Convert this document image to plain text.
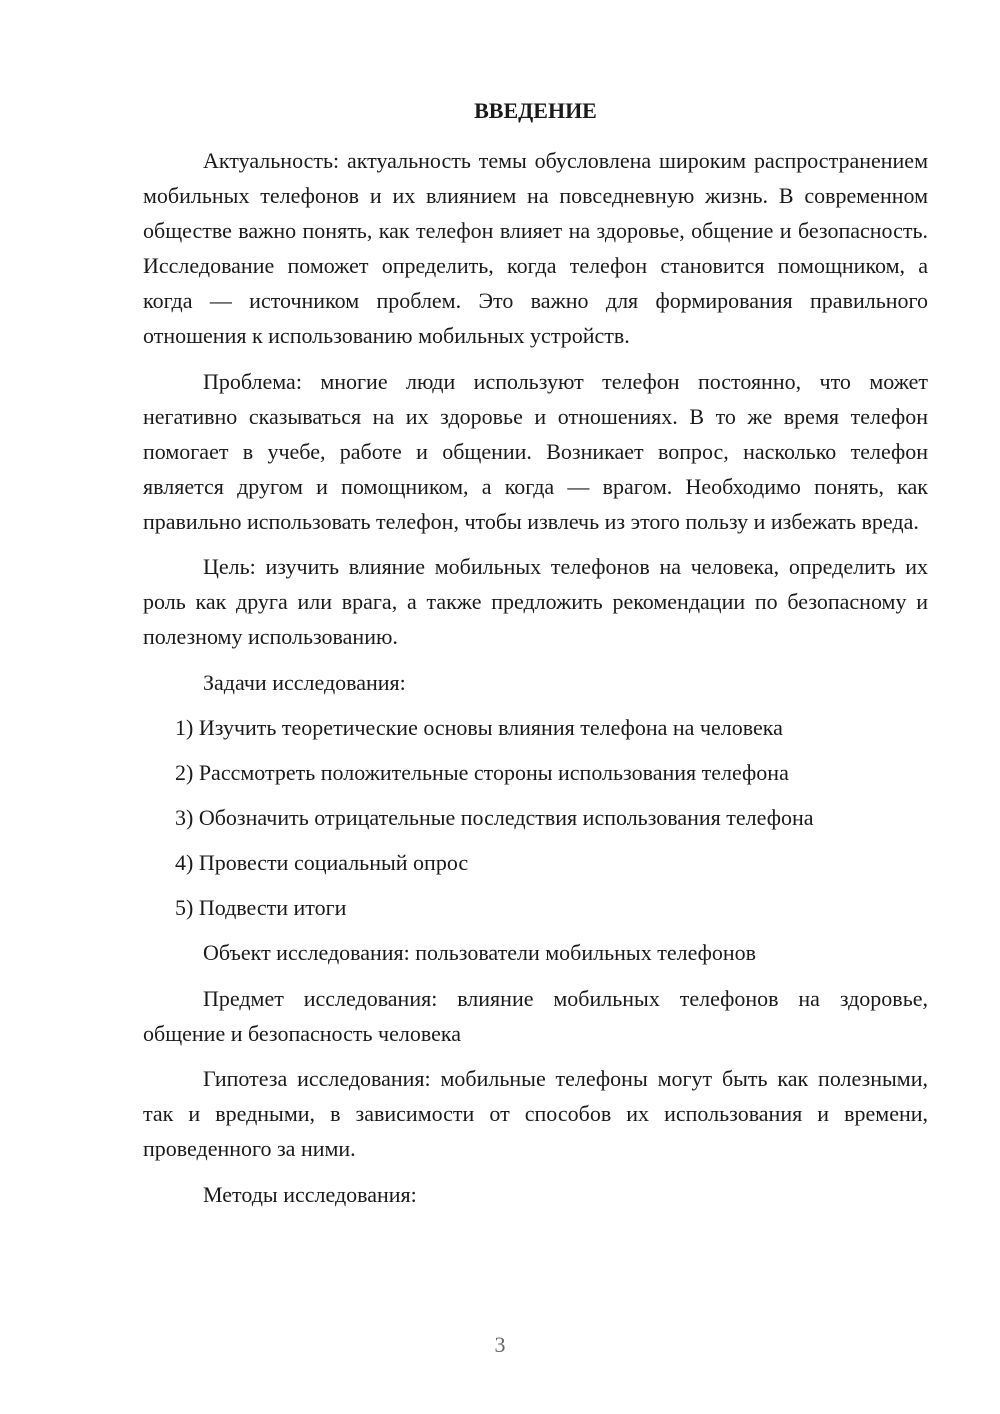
ВВЕДЕНИЕ

Актуальность: актуальность темы обусловлена широким распространением мобильных телефонов и их влиянием на повседневную жизнь. В современном обществе важно понять, как телефон влияет на здоровье, общение и безопасность. Исследование поможет определить, когда телефон становится помощником, а когда — источником проблем. Это важно для формирования правильного отношения к использованию мобильных устройств.

Проблема: многие люди используют телефон постоянно, что может негативно сказываться на их здоровье и отношениях. В то же время телефон помогает в учебе, работе и общении. Возникает вопрос, насколько телефон является другом и помощником, а когда — врагом. Необходимо понять, как правильно использовать телефон, чтобы извлечь из этого пользу и избежать вреда.

Цель: изучить влияние мобильных телефонов на человека, определить их роль как друга или врага, а также предложить рекомендации по безопасному и полезному использованию.

Задачи исследования:

1) Изучить теоретические основы влияния телефона на человека
2) Рассмотреть положительные стороны использования телефона
3) Обозначить отрицательные последствия использования телефона
4) Провести социальный опрос
5) Подвести итоги

Объект исследования: пользователи мобильных телефонов

Предмет исследования: влияние мобильных телефонов на здоровье, общение и безопасность человека

Гипотеза исследования: мобильные телефоны могут быть как полезными, так и вредными, в зависимости от способов их использования и времени, проведенного за ними.

Методы исследования:

3
